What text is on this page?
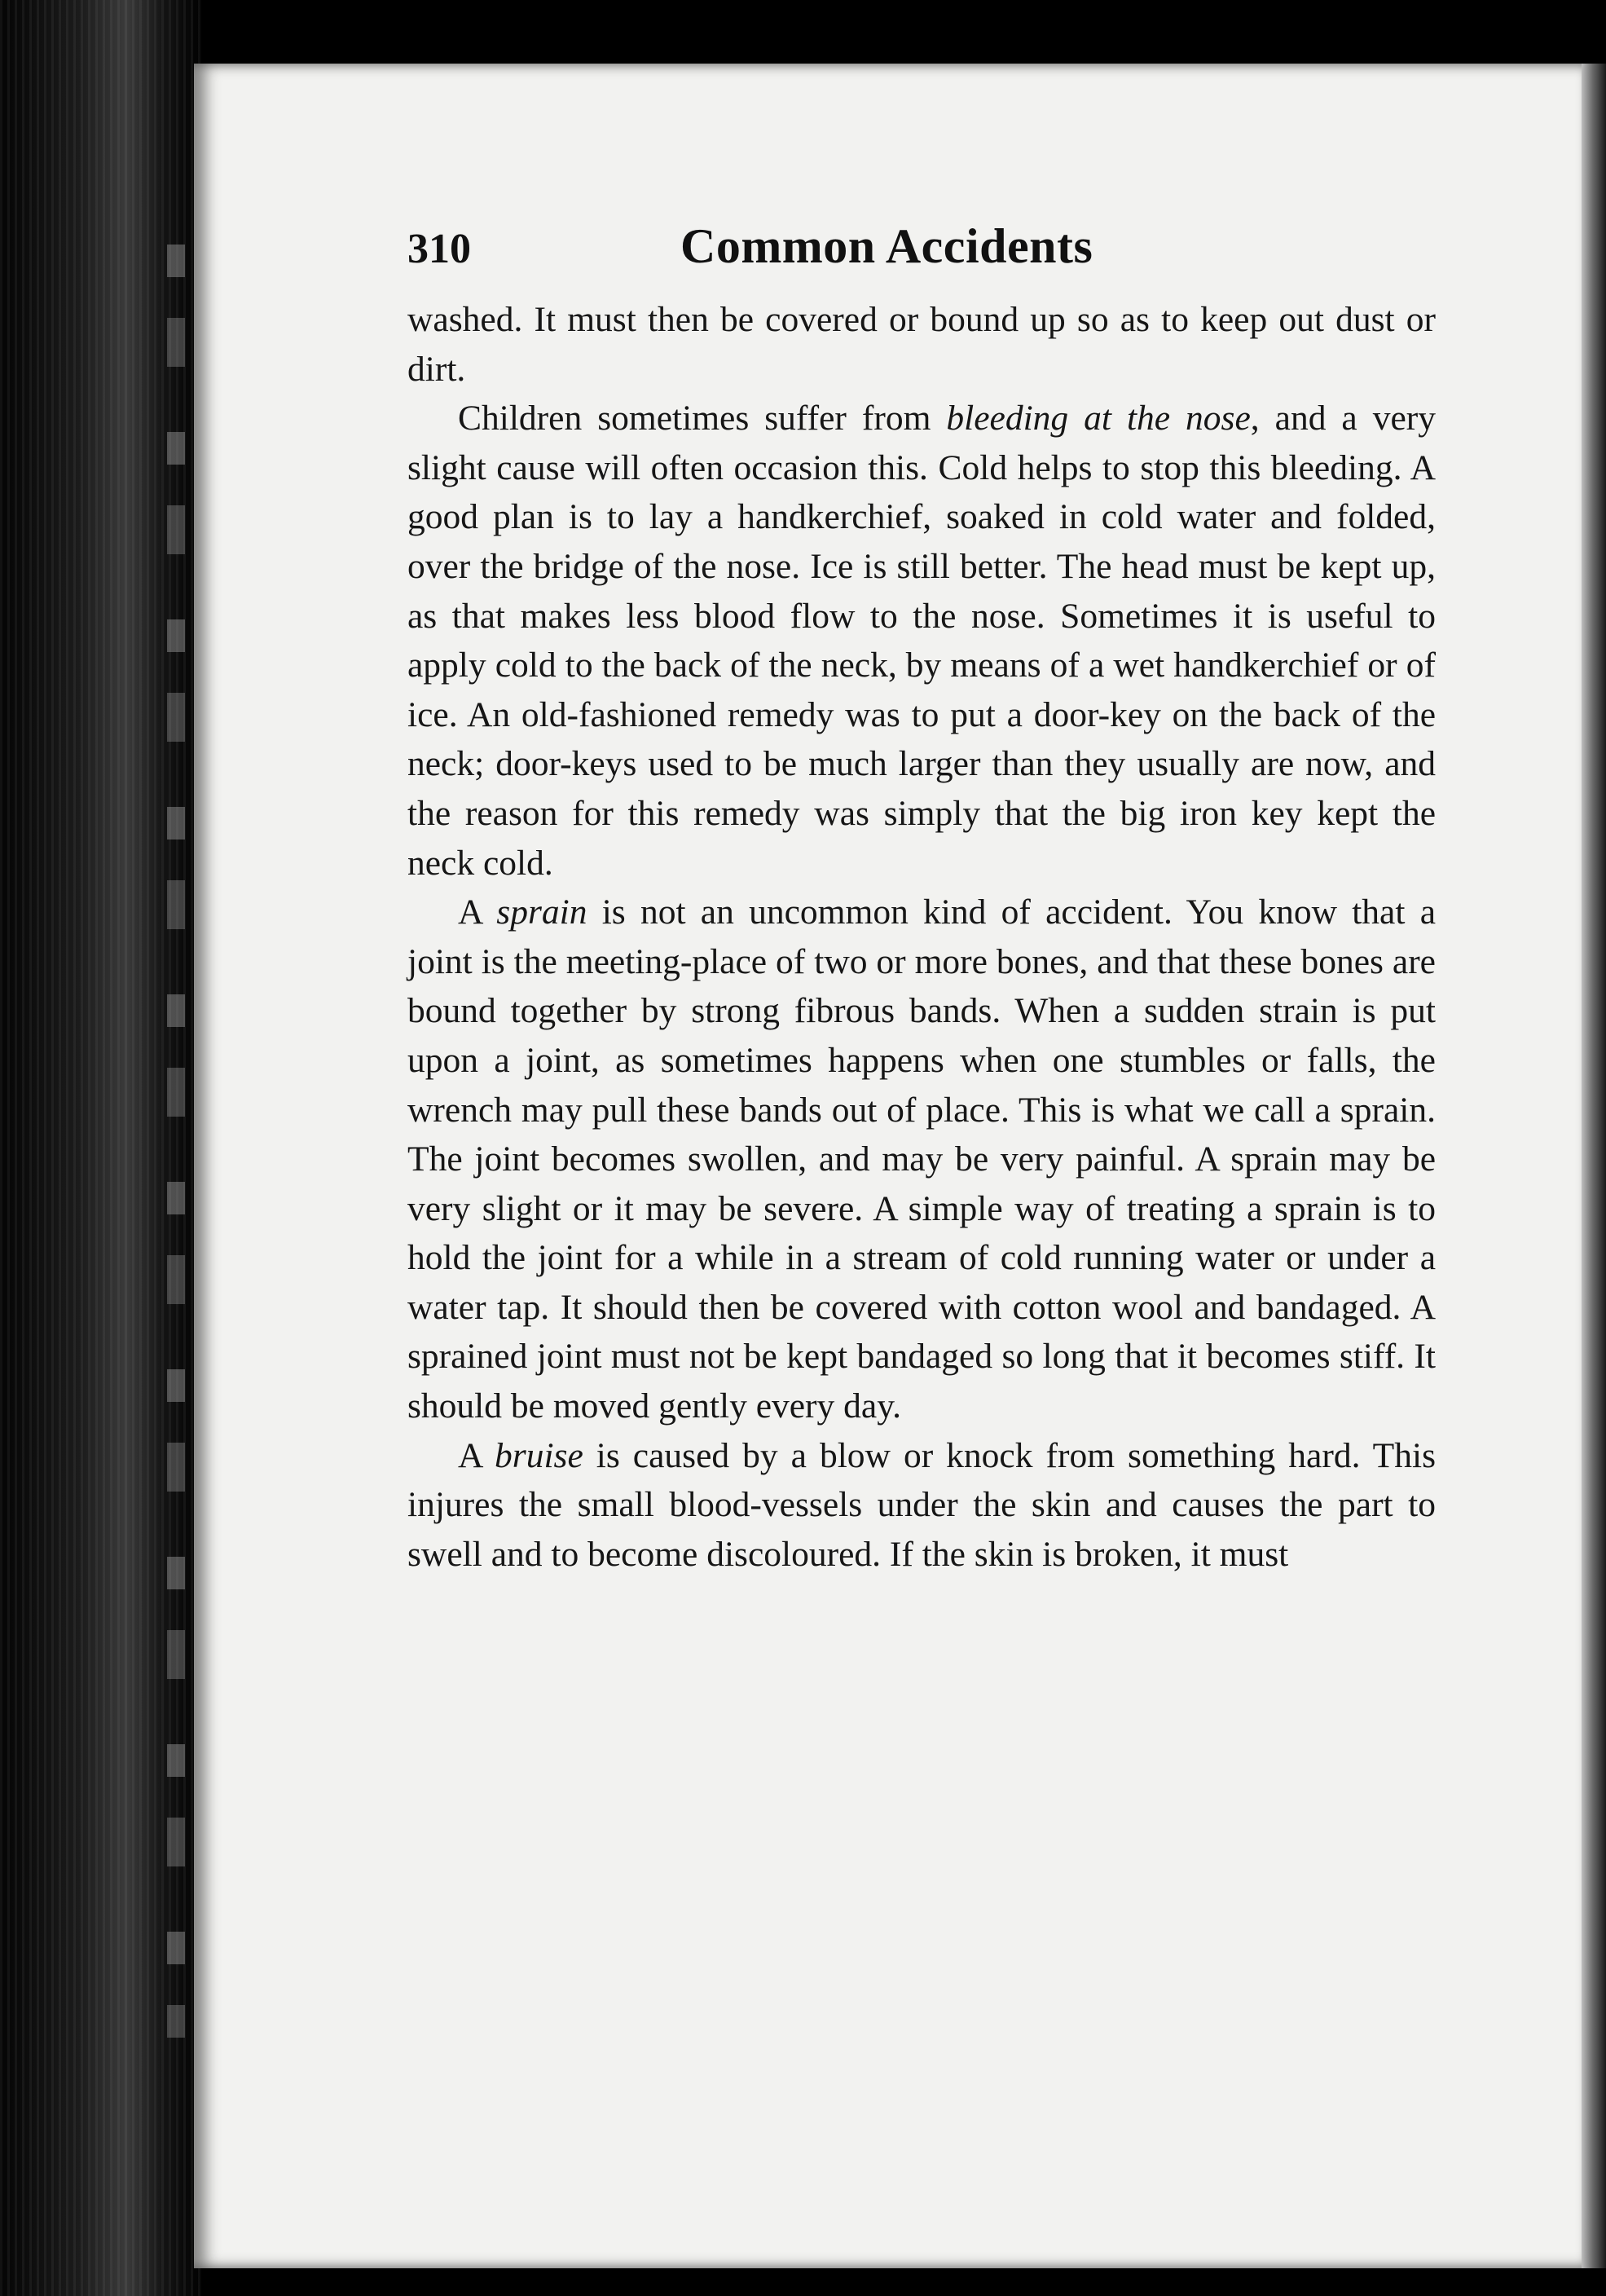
310	Common Accidents

washed. It must then be covered or bound up so as to keep out dust or dirt.

Children sometimes suffer from bleeding at the nose, and a very slight cause will often occasion this. Cold helps to stop this bleeding. A good plan is to lay a handkerchief, soaked in cold water and folded, over the bridge of the nose. Ice is still better. The head must be kept up, as that makes less blood flow to the nose. Sometimes it is useful to apply cold to the back of the neck, by means of a wet handkerchief or of ice. An old-fashioned remedy was to put a door-key on the back of the neck; door-keys used to be much larger than they usually are now, and the reason for this remedy was simply that the big iron key kept the neck cold.

A sprain is not an uncommon kind of accident. You know that a joint is the meeting-place of two or more bones, and that these bones are bound together by strong fibrous bands. When a sudden strain is put upon a joint, as sometimes happens when one stumbles or falls, the wrench may pull these bands out of place. This is what we call a sprain. The joint becomes swollen, and may be very painful. A sprain may be very slight or it may be severe. A simple way of treating a sprain is to hold the joint for a while in a stream of cold running water or under a water tap. It should then be covered with cotton wool and bandaged. A sprained joint must not be kept bandaged so long that it becomes stiff. It should be moved gently every day.

A bruise is caused by a blow or knock from something hard. This injures the small blood-vessels under the skin and causes the part to swell and to become discoloured. If the skin is broken, it must
